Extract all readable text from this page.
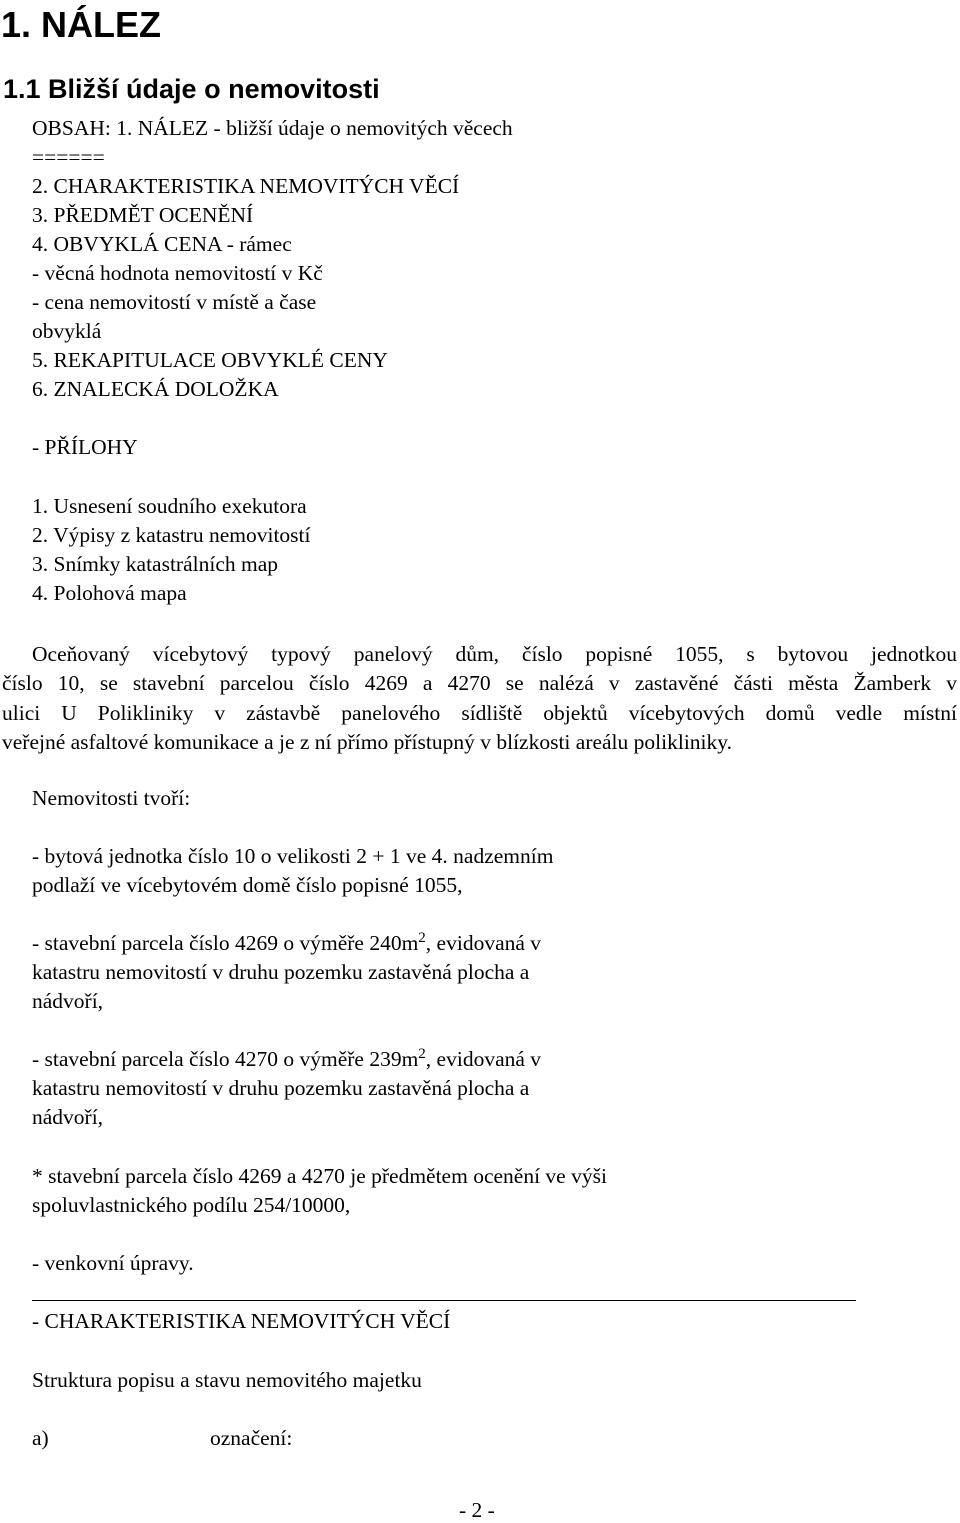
1. NÁLEZ
1.1 Bližší údaje o nemovitosti
OBSAH: 1. NÁLEZ - bližší údaje o nemovitých věcech
======
2. CHARAKTERISTIKA NEMOVITÝCH VĚCÍ
3. PŘEDMĚT OCENĚNÍ
4. OBVYKLÁ CENA - rámec
- věcná hodnota nemovitostí v Kč
- cena nemovitostí v místě a čase
obvyklá
5. REKAPITULACE OBVYKLÉ CENY
6. ZNALECKÁ DOLOŽKA
- PŘÍLOHY
1. Usnesení soudního exekutora
2. Výpisy z katastru nemovitostí
3. Snímky katastrálních map
4. Polohová mapa
Oceňovaný vícebytový typový panelový dům, číslo popisné 1055, s bytovou jednotkou
číslo 10, se stavební parcelou číslo 4269 a 4270 se nalézá v zastavěné části města Žamberk v
ulici U Polikliniky v zástavbě panelového sídliště objektů vícebytových domů vedle místní
veřejné asfaltové komunikace a je z ní přímo přístupný v blízkosti areálu polikliniky.
Nemovitosti tvoří:
- bytová jednotka číslo 10 o velikosti 2 + 1 ve 4. nadzemním
podlaží ve vícebytovém domě číslo popisné 1055,
- stavební parcela číslo 4269 o výměře $240m^2$, evidovaná v
katastru nemovitostí v druhu pozemku zastavěná plocha a
nádvoří,
- stavební parcela číslo 4270 o výměře $239m^2$, evidovaná v
katastru nemovitostí v druhu pozemku zastavěná plocha a
nádvoří,
* stavební parcela číslo 4269 a 4270 je předmětem ocenění ve výši
spoluvlastnického podílu 254/10000,
- venkovní úpravy.
- CHARAKTERISTIKA NEMOVITÝCH VĚCÍ
Struktura popisu a stavu nemovitého majetku
a)	označení:
- 2 -
